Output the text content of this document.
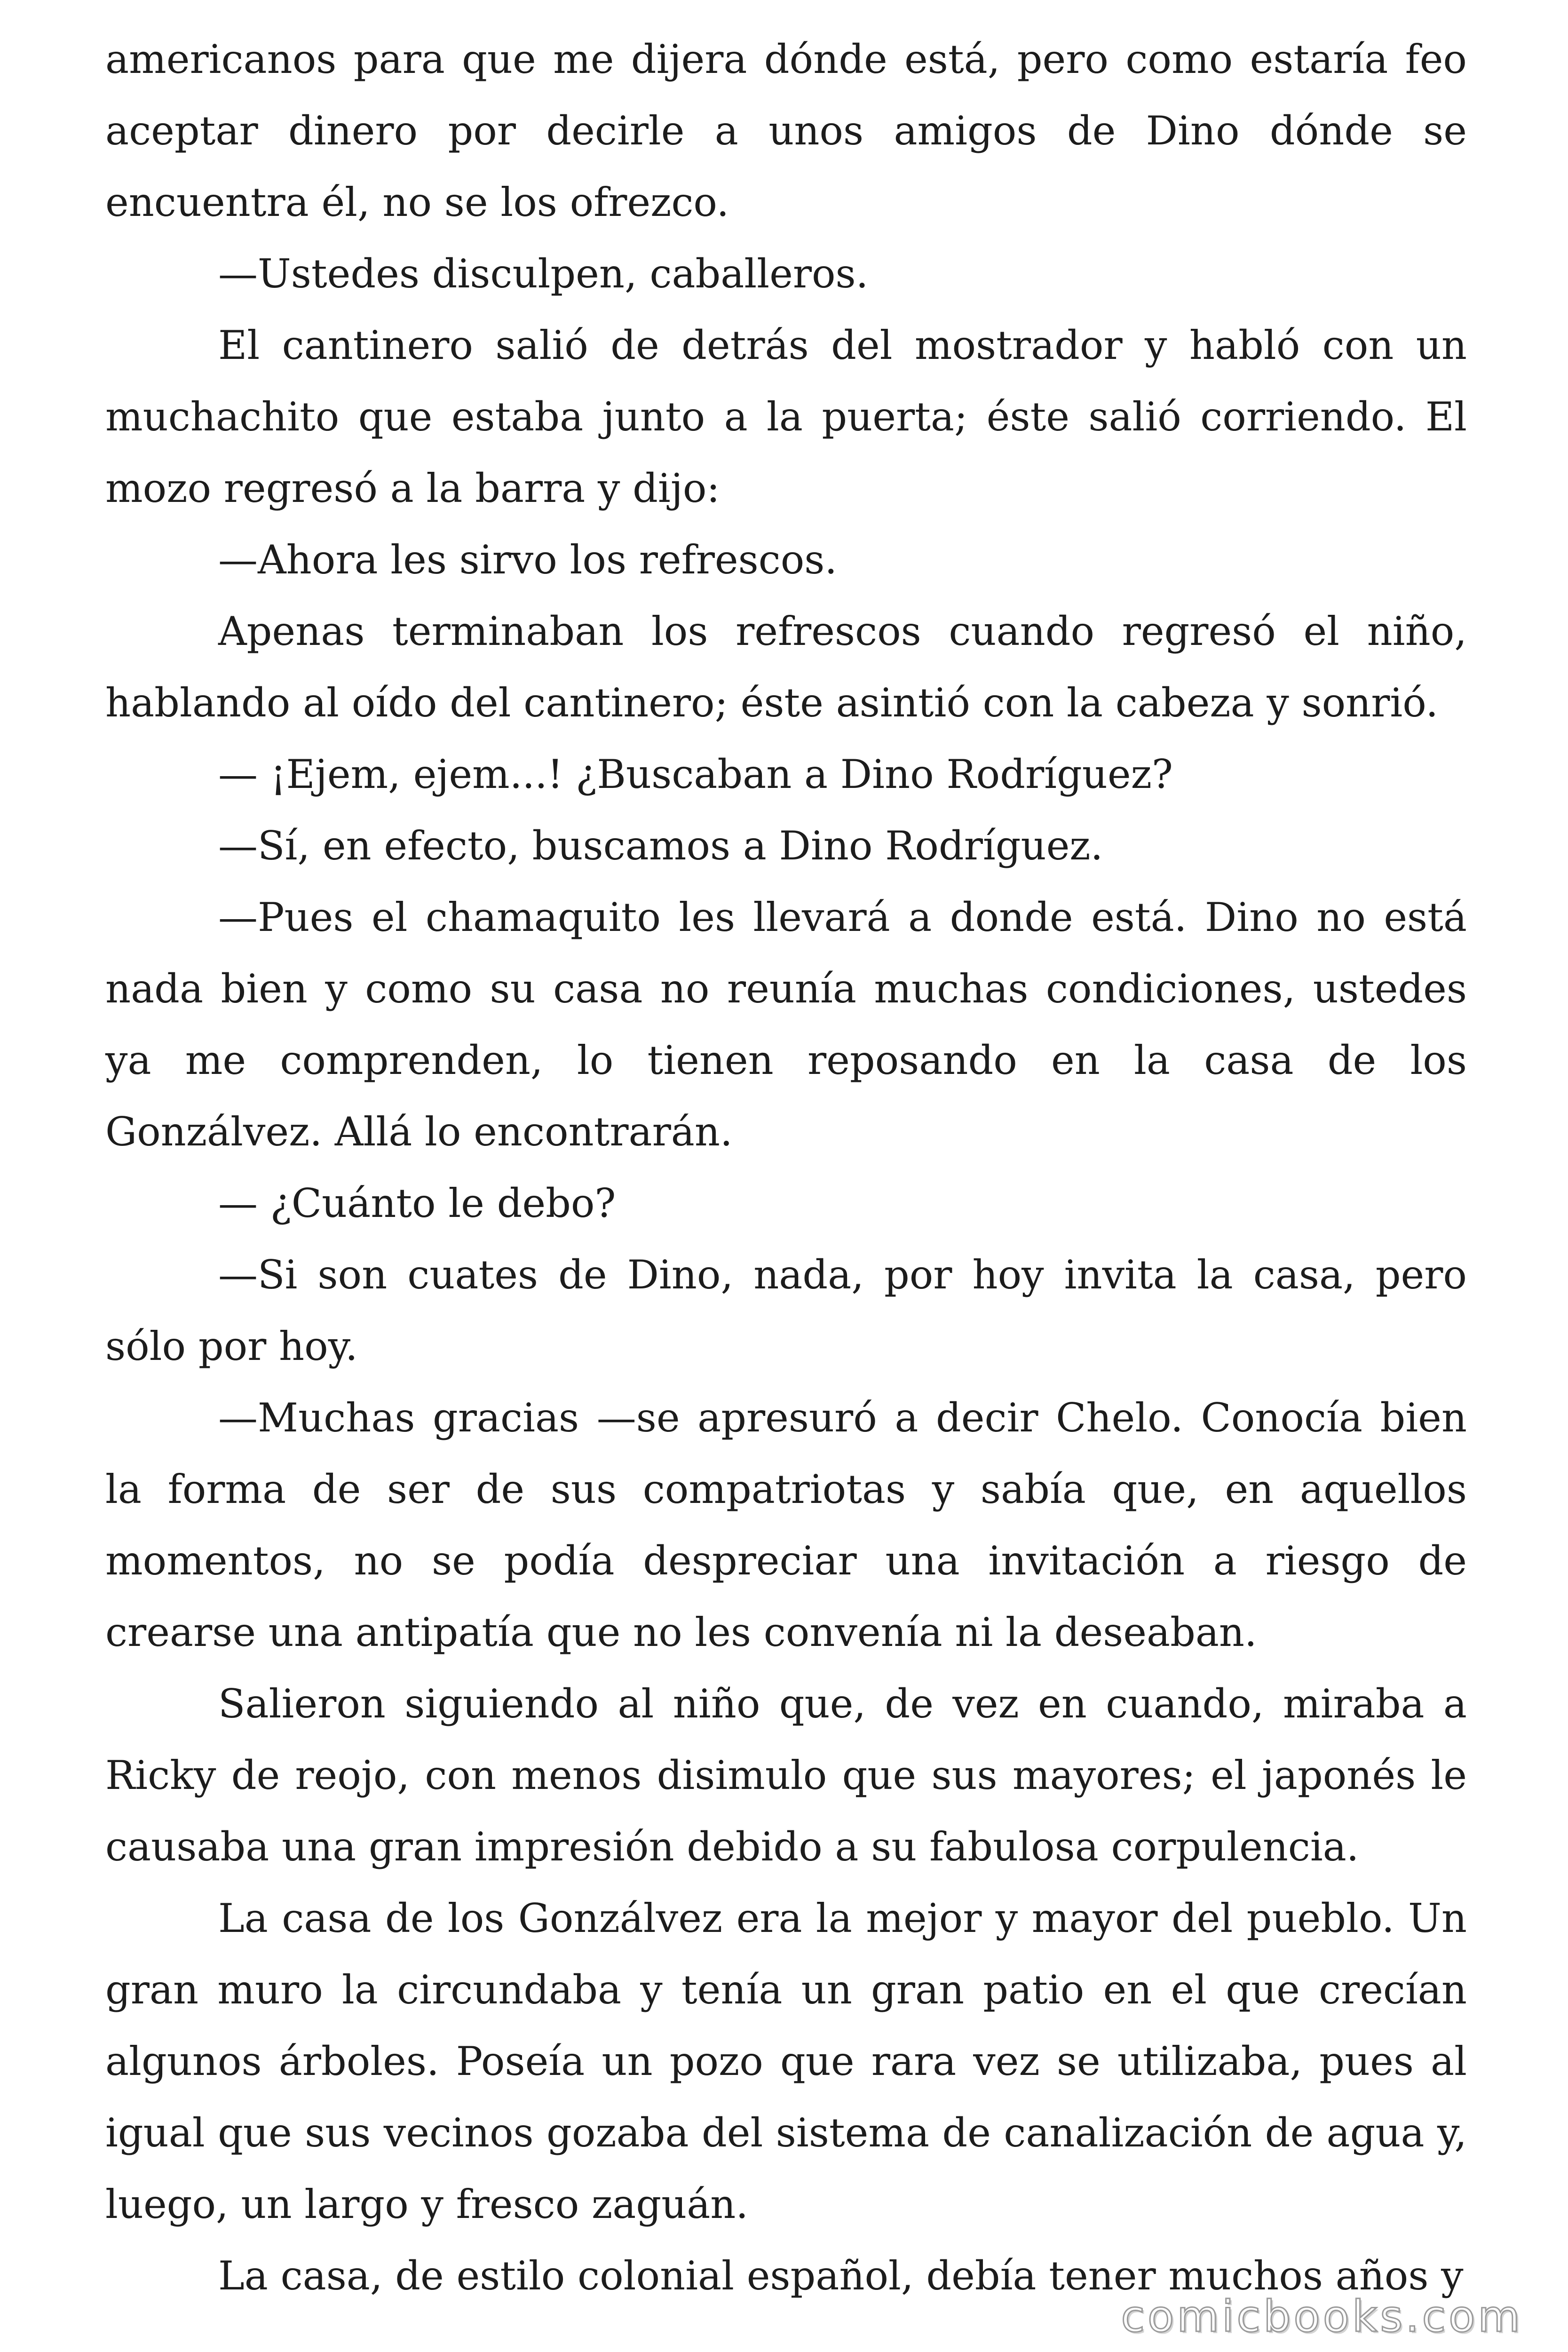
americanos para que me dijera dónde está, pero como estaría feo aceptar dinero por decirle a unos amigos de Dino dónde se encuentra él, no se los ofrezco.

—Ustedes disculpen, caballeros.

El cantinero salió de detrás del mostrador y habló con un muchachito que estaba junto a la puerta; éste salió corriendo. El mozo regresó a la barra y dijo:

—Ahora les sirvo los refrescos.

Apenas terminaban los refrescos cuando regresó el niño, hablando al oído del cantinero; éste asintió con la cabeza y sonrió.

— ¡Ejem, ejem...! ¿Buscaban a Dino Rodríguez?

—Sí, en efecto, buscamos a Dino Rodríguez.

—Pues el chamaquito les llevará a donde está. Dino no está nada bien y como su casa no reunía muchas condiciones, ustedes ya me comprenden, lo tienen reposando en la casa de los Gonzálvez. Allá lo encontrarán.

— ¿Cuánto le debo?

—Si son cuates de Dino, nada, por hoy invita la casa, pero sólo por hoy.

—Muchas gracias —se apresuró a decir Chelo. Conocía bien la forma de ser de sus compatriotas y sabía que, en aquellos momentos, no se podía despreciar una invitación a riesgo de crearse una antipatía que no les convenía ni la deseaban.

Salieron siguiendo al niño que, de vez en cuando, miraba a Ricky de reojo, con menos disimulo que sus mayores; el japonés le causaba una gran impresión debido a su fabulosa corpulencia.

La casa de los Gonzálvez era la mejor y mayor del pueblo. Un gran muro la circundaba y tenía un gran patio en el que crecían algunos árboles. Poseía un pozo que rara vez se utilizaba, pues al igual que sus vecinos gozaba del sistema de canalización de agua y, luego, un largo y fresco zaguán.

La casa, de estilo colonial español, debía tener muchos años y

comicbooks.com
